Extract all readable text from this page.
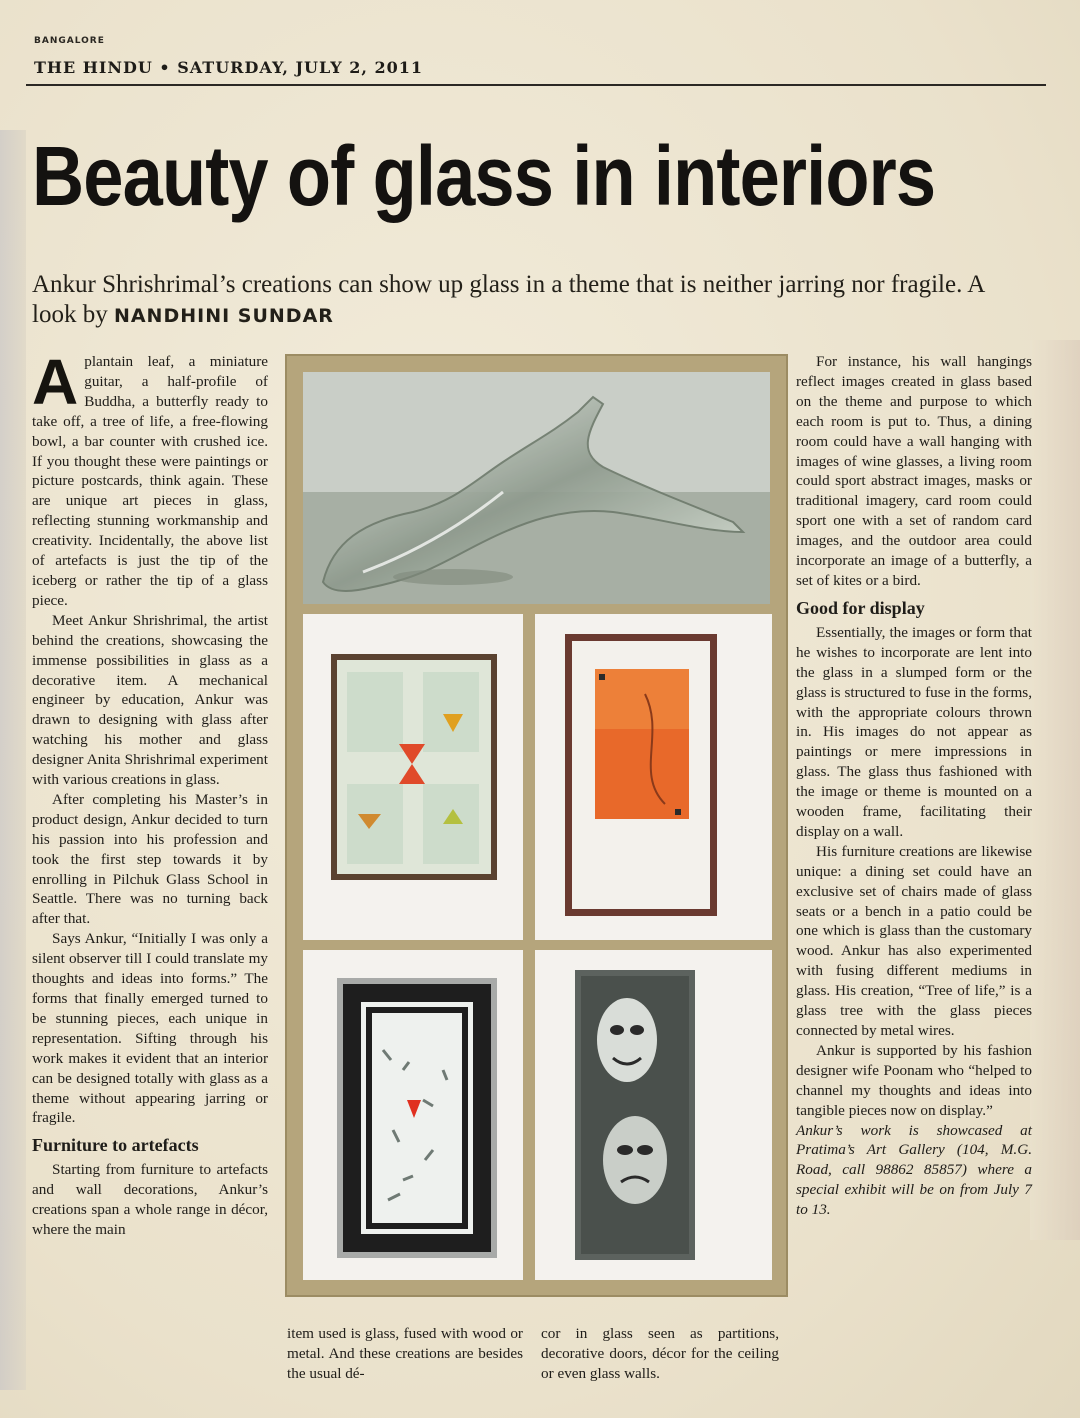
BANGALORE
THE HINDU • SATURDAY, JULY 2, 2011
Beauty of glass in interiors
Ankur Shrishrimal’s creations can show up glass in a theme that is neither jarring nor fragile. A look by NANDHINI SUNDAR

Aplantain leaf, a miniature guitar, a half-profile of Buddha, a butterfly ready to take off, a tree of life, a free-flowing bowl, a bar counter with crushed ice. If you thought these were paintings or picture postcards, think again. These are unique art pieces in glass, reflecting stunning workmanship and creativity. Incidentally, the above list of artefacts is just the tip of the iceberg or rather the tip of a glass piece.

Meet Ankur Shrishrimal, the artist behind the creations, showcasing the immense possibilities in glass as a decorative item. A mechanical engineer by education, Ankur was drawn to designing with glass after watching his mother and glass designer Anita Shrishrimal experiment with various creations in glass.

After completing his Master’s in product design, Ankur decided to turn his passion into his profession and took the first step towards it by enrolling in Pilchuk Glass School in Seattle. There was no turning back after that.

Says Ankur, “Initially I was only a silent observer till I could translate my thoughts and ideas into forms.” The forms that finally emerged turned to be stunning pieces, each unique in representation. Sifting through his work makes it evident that an interior can be designed totally with glass as a theme without appearing jarring or fragile.

Furniture to artefacts

Starting from furniture to artefacts and wall decorations, Ankur’s creations span a whole range in décor, where the main

item used is glass, fused with wood or metal. And these creations are besides the usual dé-
cor in glass seen as partitions, decorative doors, décor for the ceiling or even glass walls.

For instance, his wall hangings reflect images created in glass based on the theme and purpose to which each room is put to. Thus, a dining room could have a wall hanging with images of wine glasses, a living room could sport abstract images, masks or traditional imagery, card room could sport one with a set of random card images, and the outdoor area could incorporate an image of a butterfly, a set of kites or a bird.

Good for display

Essentially, the images or form that he wishes to incorporate are lent into the glass in a slumped form or the glass is structured to fuse in the forms, with the appropriate colours thrown in. His images do not appear as paintings or mere impressions in glass. The glass thus fashioned with the image or theme is mounted on a wooden frame, facilitating their display on a wall.

His furniture creations are likewise unique: a dining set could have an exclusive set of chairs made of glass seats or a bench in a patio could be one which is glass than the customary wood. Ankur has also experimented with fusing different mediums in glass. His creation, “Tree of life,” is a glass tree with the glass pieces connected by metal wires.

Ankur is supported by his fashion designer wife Poonam who “helped to channel my thoughts and ideas into tangible pieces now on display.”

Ankur’s work is showcased at Pratima’s Art Gallery (104, M.G. Road, call 98862 85857) where a special exhibit will be on from July 7 to 13.
